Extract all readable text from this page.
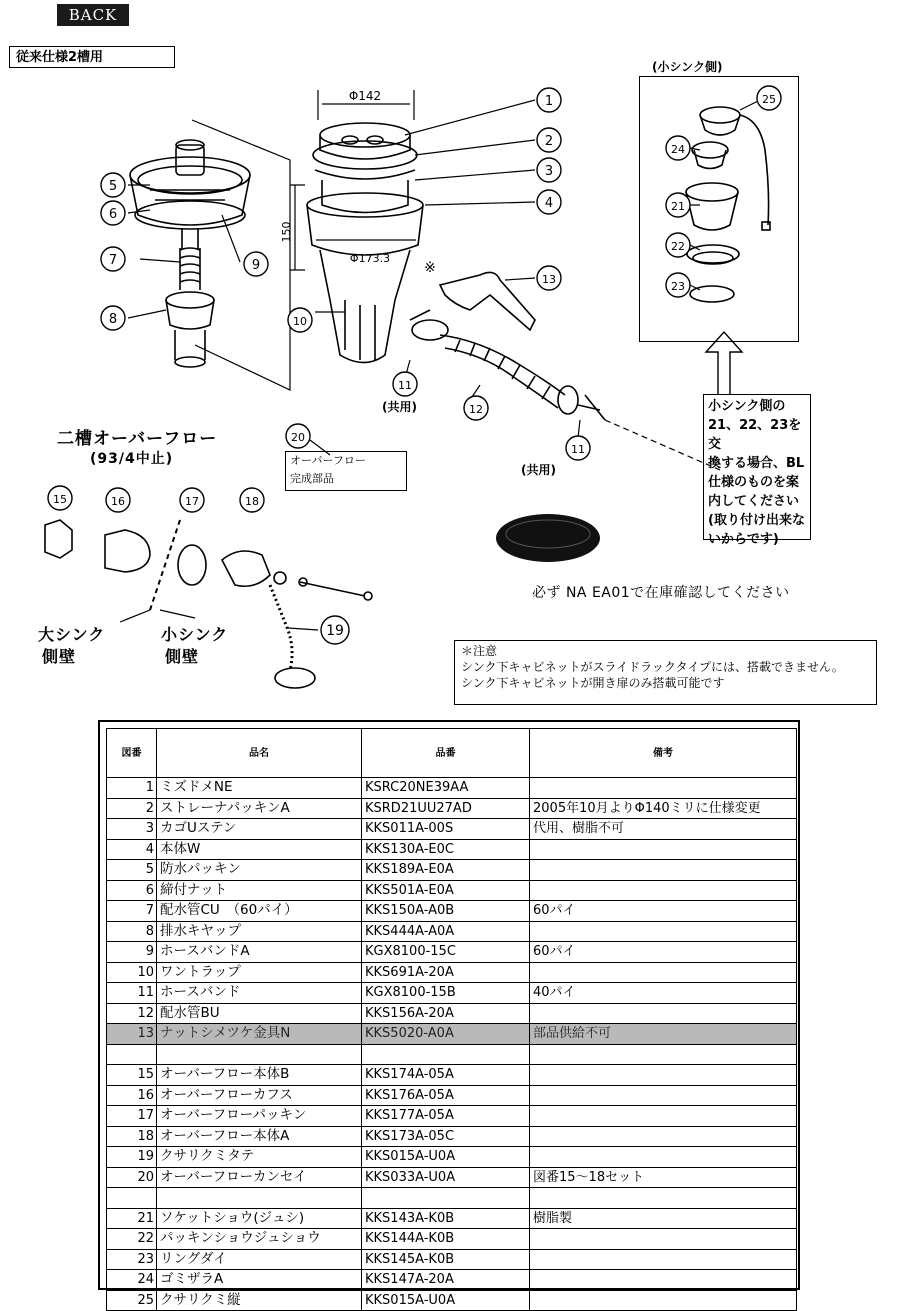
BACK
従来仕様2槽用
1
2
3
4
5
6
7
8
9
10
11
12
13
11
15	16	17	18
19
20
21
22
23
24
25
Φ142
150
Φ173.3
※
(共用)
(共用)
二槽オーバーフロー
(93/4中止)	オーバーフロー
完成部品
大シンク
側壁
小シンク
側壁
(小シンク側)
小シンク側の
21、22、23を交
換する場合、BL
仕様のものを案
内してください
(取り付け出来な
いからです)
必ず NA EA01で在庫確認してください
＊注意
シンク下キャビネットがスライドラックタイプには、搭載できません。
シンク下キャビネットが開き扉のみ搭載可能です
図番	品名	品番	備考
1	ミズドメNE	KSRC20NE39AA	
2	ストレーナパッキンA	KSRD21UU27AD	2005年10月よりΦ140ミリに仕様変更
3	カゴUステン	KKS011A-00S	代用、樹脂不可
4	本体W	KKS130A-E0C	
5	防水パッキン	KKS189A-E0A	
6	締付ナット	KKS501A-E0A	
7	配水管CU　（60パイ）	KKS150A-A0B	60パイ
8	排水キヤップ	KKS444A-A0A	
9	ホースバンドA	KGX8100-15C	60パイ
10	ワントラップ	KKS691A-20A	
11	ホースバンド	KGX8100-15B	40パイ
12	配水管BU	KKS156A-20A	
13	ナットシメツケ金具N	KKS5020-A0A	部品供給不可

15	オーバーフロー本体B	KKS174A-05A	
16	オーバーフローカフス	KKS176A-05A	
17	オーバーフローパッキン	KKS177A-05A	
18	オーバーフロー本体A	KKS173A-05C	
19	クサリクミタテ	KKS015A-U0A	
20	オーバーフローカンセイ	KKS033A-U0A	図番15～18セット

21	ソケットショウ(ジュシ)	KKS143A-K0B	樹脂製
22	パッキンショウジュショウ	KKS144A-K0B	
23	リングダイ	KKS145A-K0B	
24	ゴミザラA	KKS147A-20A	
25	クサリクミ縦	KKS015A-U0A	
